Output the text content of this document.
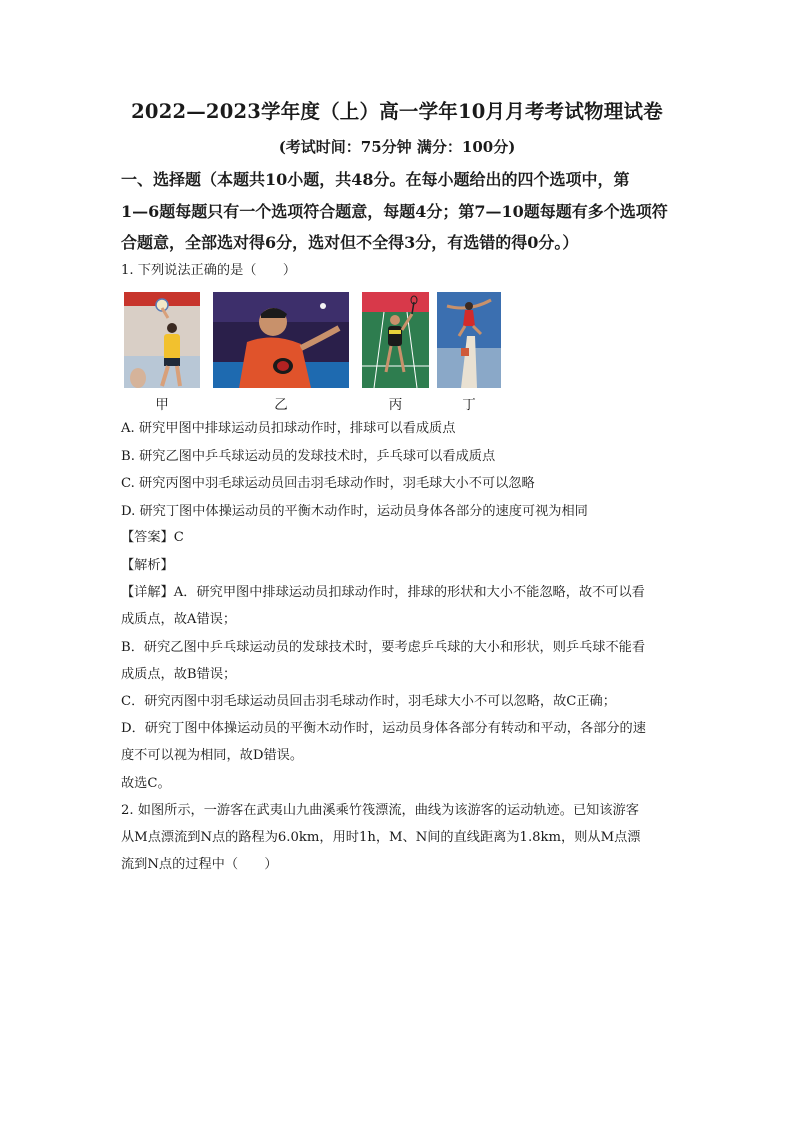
2022—2023学年度（上）高一学年10月月考考试物理试卷
(考试时间：75分钟 满分：100分)
一、选择题（本题共10小题，共48分。在每小题给出的四个选项中，第
1—6题每题只有一个选项符合题意，每题4分；第7—10题每题有多个选项符
合题意，全部选对得6分，选对但不全得3分，有选错的得0分。）
1. 下列说法正确的是（　　）
甲	乙	丙	丁
A. 研究甲图中排球运动员扣球动作时，排球可以看成质点
B. 研究乙图中乒乓球运动员的发球技术时，乒乓球可以看成质点
C. 研究丙图中羽毛球运动员回击羽毛球动作时，羽毛球大小不可以忽略
D. 研究丁图中体操运动员的平衡木动作时，运动员身体各部分的速度可视为相同
【答案】C
【解析】
【详解】A．研究甲图中排球运动员扣球动作时，排球的形状和大小不能忽略，故不可以看
成质点，故A错误；
B．研究乙图中乒乓球运动员的发球技术时，要考虑乒乓球的大小和形状，则乒乓球不能看
成质点，故B错误；
C．研究丙图中羽毛球运动员回击羽毛球动作时，羽毛球大小不可以忽略，故C正确；
D．研究丁图中体操运动员的平衡木动作时，运动员身体各部分有转动和平动，各部分的速
度不可以视为相同，故D错误。
故选C。
2. 如图所示，一游客在武夷山九曲溪乘竹筏漂流，曲线为该游客的运动轨迹。已知该游客
从M点漂流到N点的路程为6.0km，用时1h，M、N间的直线距离为1.8km，则从M点漂
流到N点的过程中（　　）
